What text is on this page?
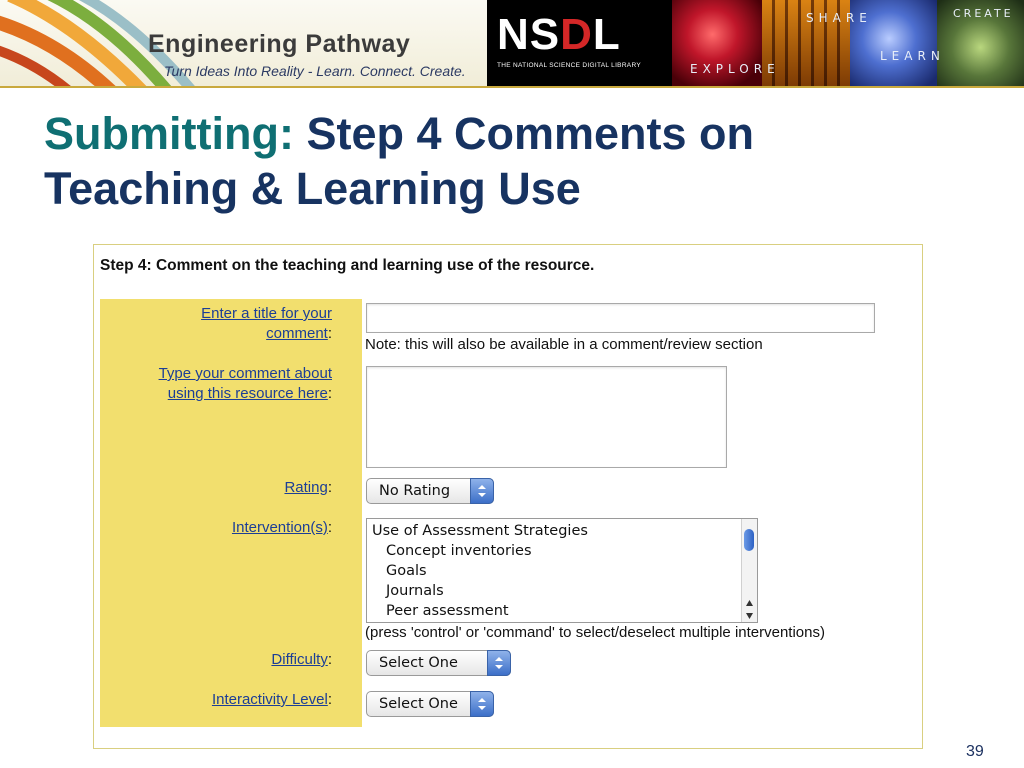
Engineering Pathway
Turn Ideas Into Reality - Learn. Connect. Create.
NSDL
THE NATIONAL SCIENCE DIGITAL LIBRARY	EXPLORE
SHARE
LEARN
CREATE
Submitting: Step 4 Comments on
Teaching & Learning Use
Step 4: Comment on the teaching and learning use of the resource.
Enter a title for your
comment:
Note: this will also be available in a comment/review section
Type your comment about
using this resource here:
Rating:	No Rating
Intervention(s):	Use of Assessment Strategies
Concept inventories
Goals
Journals
Peer assessment
(press 'control' or 'command' to select/deselect multiple interventions)
Difficulty:	Select One
Interactivity Level:	Select One
39
